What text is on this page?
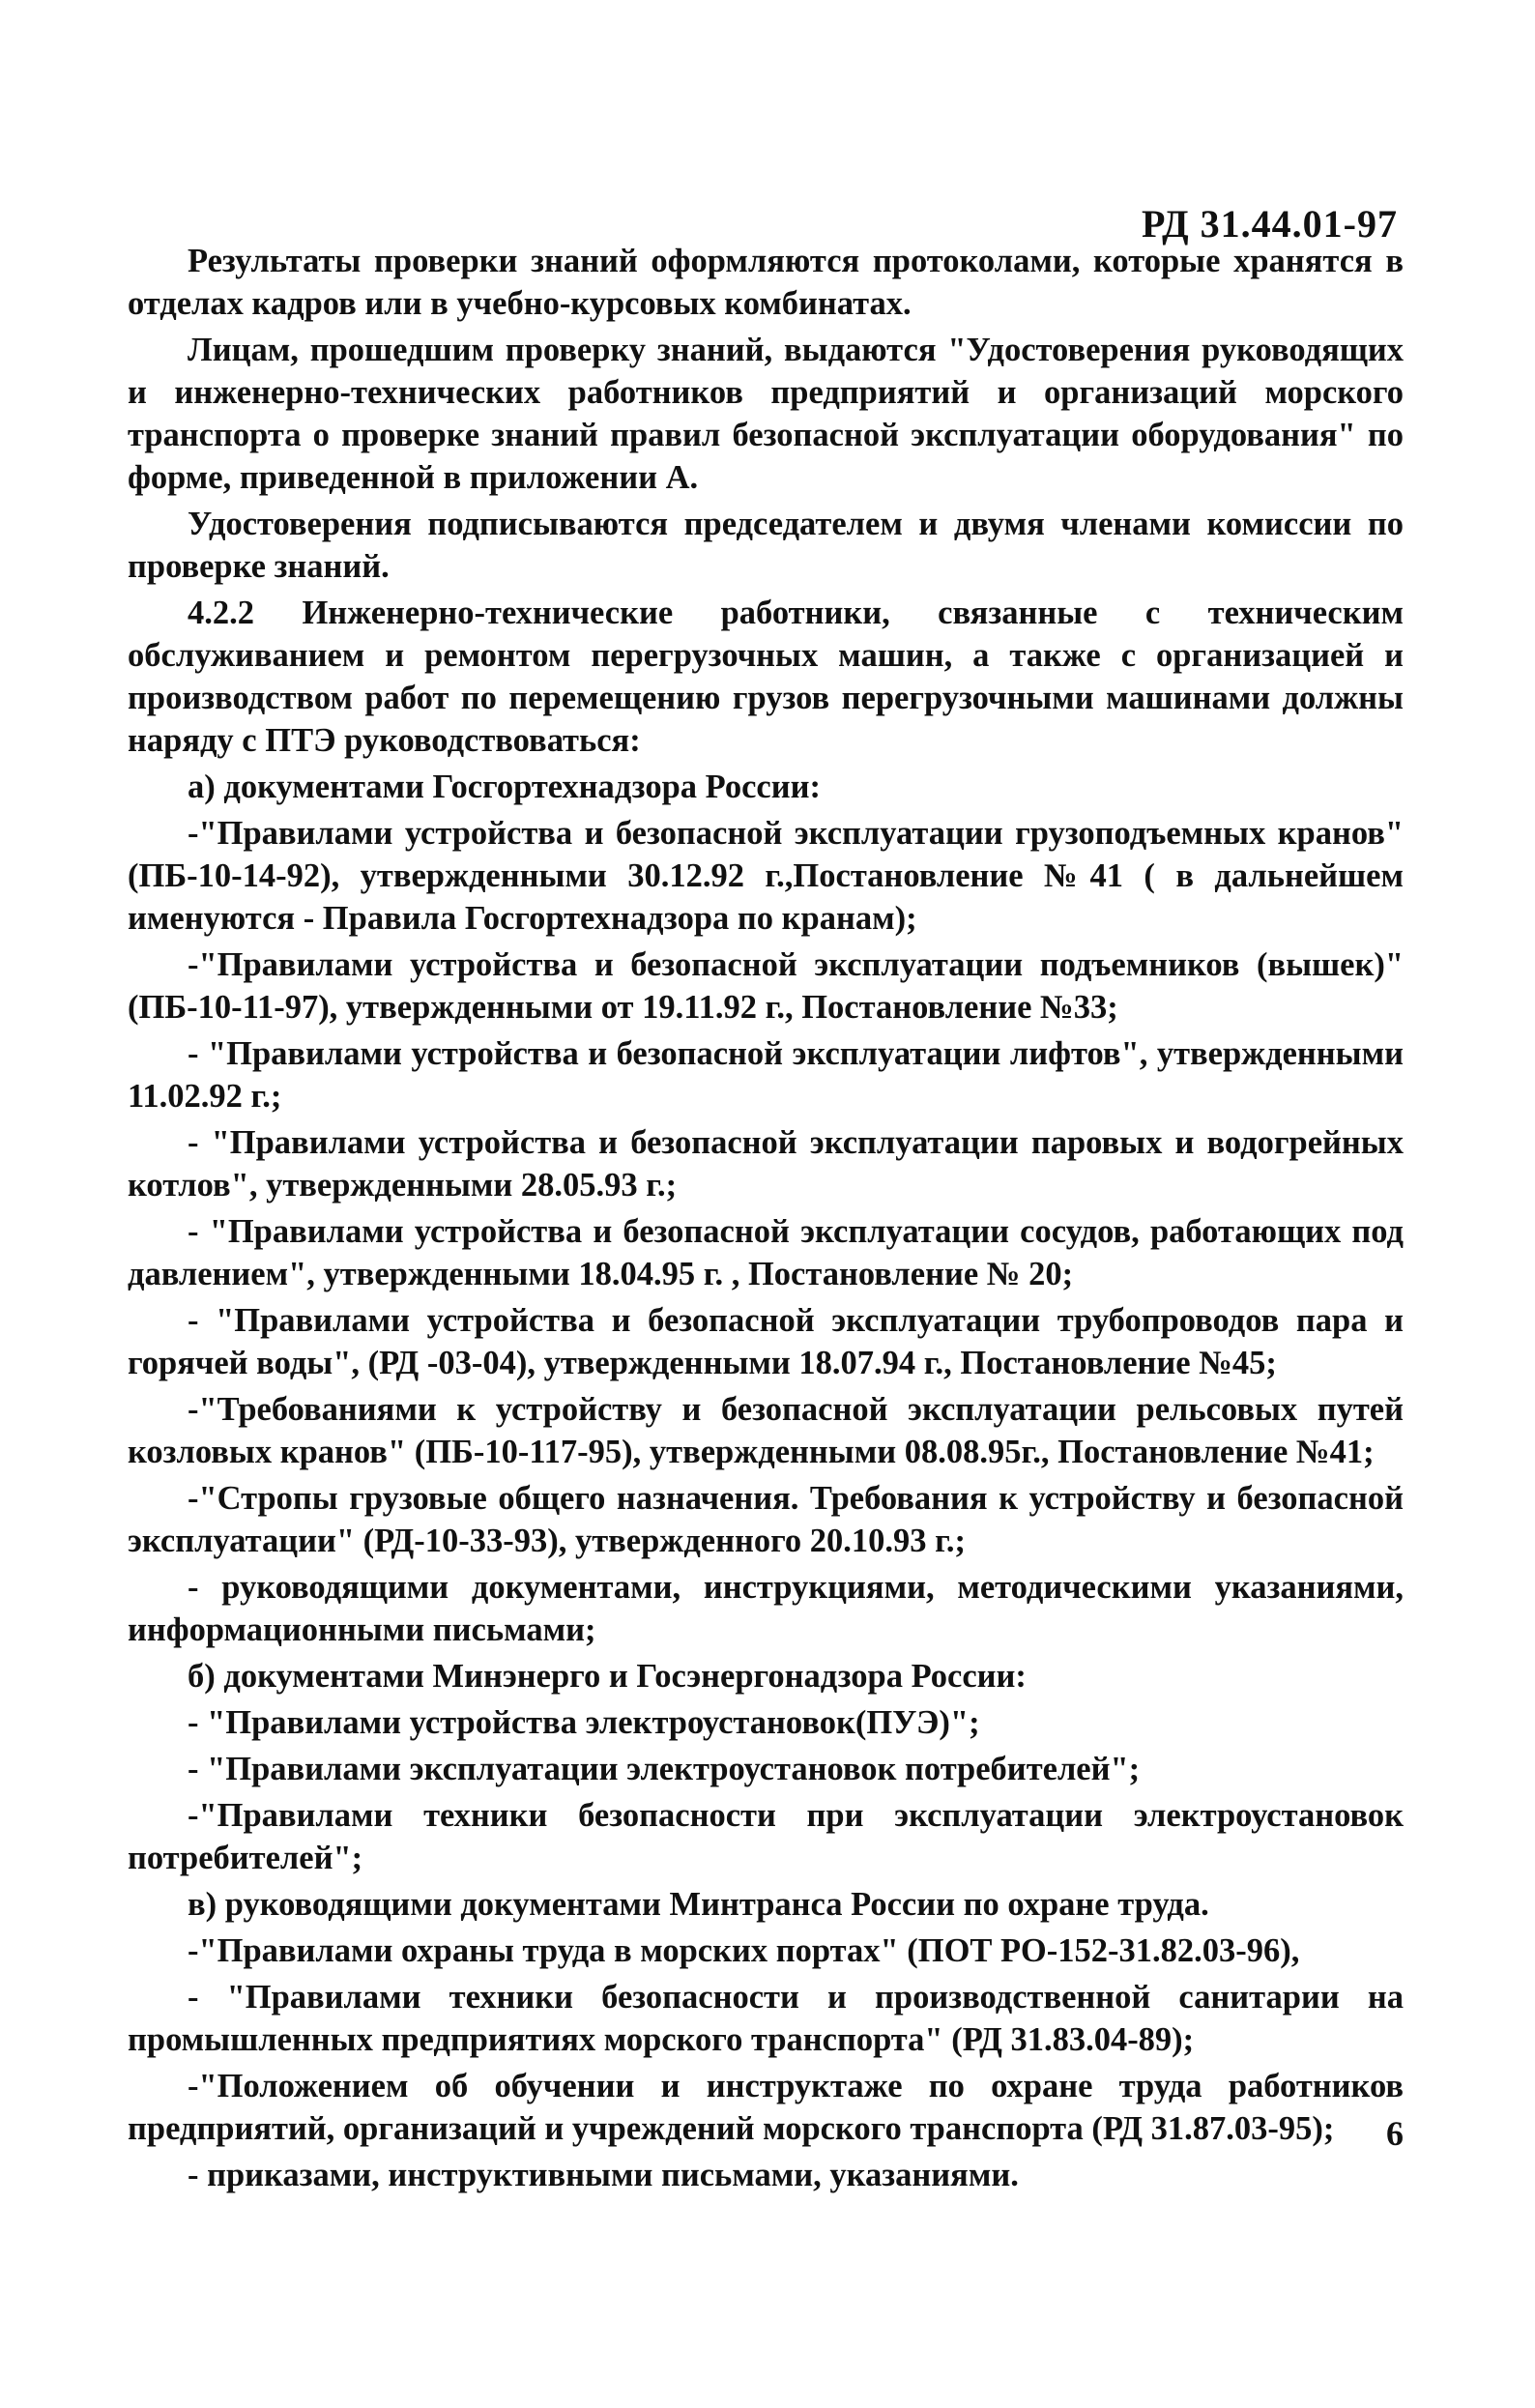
РД 31.44.01-97

Результаты проверки знаний оформляются протоколами, которые хранятся в отделах кадров или в учебно-курсовых комбинатах.

Лицам, прошедшим проверку знаний, выдаются "Удостоверения руководящих и инженерно-технических работников предприятий и организаций морского транспорта о проверке знаний правил безопасной эксплуатации оборудования" по форме, приведенной в приложении А.

Удостоверения подписываются председателем и двумя членами комиссии по проверке знаний.

4.2.2 Инженерно-технические работники, связанные с техническим обслуживанием и ремонтом перегрузочных машин, а также с организацией и производством работ по перемещению грузов перегрузочными машинами должны наряду с ПТЭ руководствоваться:

а) документами Госгортехнадзора России:

-"Правилами устройства и безопасной эксплуатации грузоподъемных кранов"(ПБ-10-14-92), утвержденными 30.12.92 г.,Постановление №41 ( в дальнейшем именуются - Правила Госгортехнадзора по кранам);

-"Правилами устройства и безопасной эксплуатации подъемников (вышек)" (ПБ-10-11-97), утвержденными от 19.11.92 г., Постановление №33;

- "Правилами устройства и безопасной эксплуатации лифтов", утвержденными 11.02.92 г.;

- "Правилами устройства и безопасной эксплуатации паровых и водогрейных котлов", утвержденными 28.05.93 г.;

- "Правилами устройства и безопасной эксплуатации сосудов, работающих под давлением", утвержденными 18.04.95 г. , Постановление № 20;

- "Правилами устройства и безопасной эксплуатации трубопроводов пара и горячей воды", (РД -03-04), утвержденными 18.07.94 г., Постановление №45;

-"Требованиями к устройству и безопасной эксплуатации рельсовых путей козловых кранов" (ПБ-10-117-95), утвержденными 08.08.95г., Постановление №41;

-"Стропы грузовые общего назначения. Требования к устройству и безопасной эксплуатации" (РД-10-33-93), утвержденного 20.10.93 г.;

- руководящими документами, инструкциями, методическими указаниями, информационными письмами;

б) документами Минэнерго и Госэнергонадзора России:

- "Правилами устройства электроустановок(ПУЭ)";

- "Правилами эксплуатации электроустановок потребителей";

-"Правилами техники безопасности при эксплуатации электроустановок потребителей";

в) руководящими документами Минтранса России по охране труда.

-"Правилами охраны труда в морских портах" (ПОТ РО-152-31.82.03-96),

- "Правилами техники безопасности и производственной санитарии на промышленных предприятиях морского транспорта" (РД 31.83.04-89);

-"Положением об обучении и инструктаже по охране труда работников предприятий, организаций и учреждений морского транспорта (РД 31.87.03-95);

- приказами, инструктивными письмами, указаниями.

6
